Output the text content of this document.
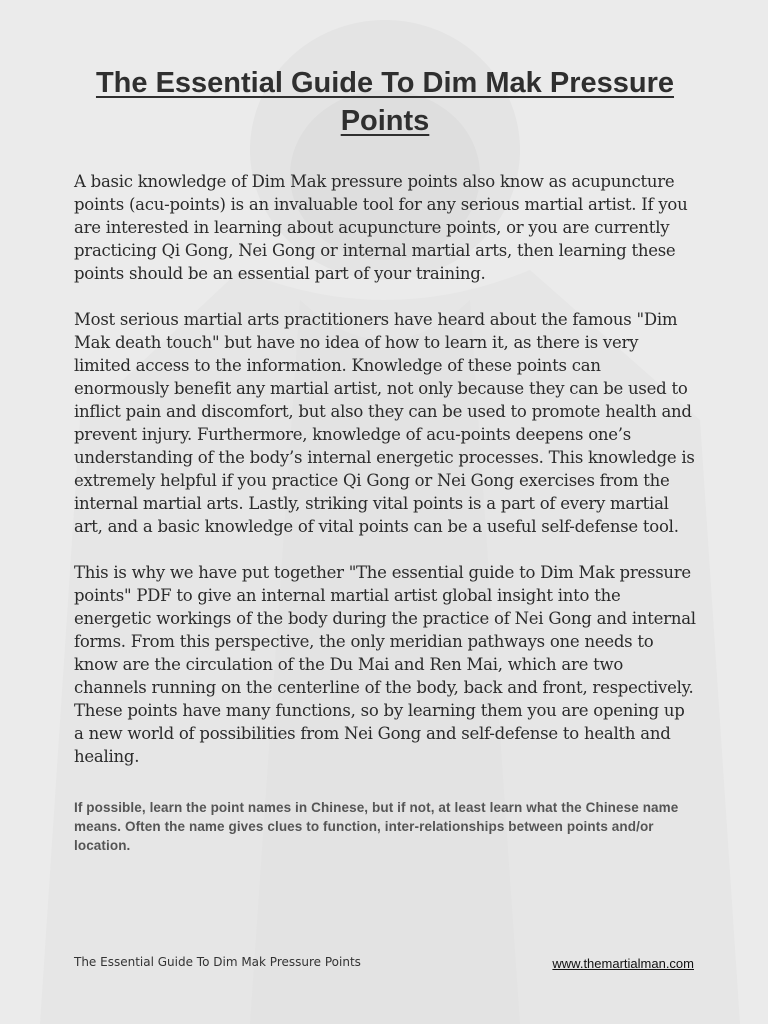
The Essential Guide To Dim Mak Pressure Points

A basic knowledge of Dim Mak pressure points also know as acupuncture points (acu-points) is an invaluable tool for any serious martial artist. If you are interested in learning about acupuncture points, or you are currently practicing Qi Gong, Nei Gong or internal martial arts, then learning these points should be an essential part of your training.

Most serious martial arts practitioners have heard about the famous "Dim Mak death touch" but have no idea of how to learn it, as there is very limited access to the information. Knowledge of these points can enormously benefit any martial artist, not only because they can be used to inflict pain and discomfort, but also they can be used to promote health and prevent injury. Furthermore, knowledge of acu-points deepens one’s understanding of the body’s internal energetic processes. This knowledge is extremely helpful if you practice Qi Gong or Nei Gong exercises from the internal martial arts. Lastly, striking vital points is a part of every martial art, and a basic knowledge of vital points can be a useful self-defense tool.

This is why we have put together "The essential guide to Dim Mak pressure points" PDF to give an internal martial artist global insight into the energetic workings of the body during the practice of Nei Gong and internal forms. From this perspective, the only meridian pathways one needs to know are the circulation of the Du Mai and Ren Mai, which are two channels running on the centerline of the body, back and front, respectively. These points have many functions, so by learning them you are opening up a new world of possibilities from Nei Gong and self-defense to health and healing.

If possible, learn the point names in Chinese, but if not, at least learn what the Chinese name means. Often the name gives clues to function, inter-relationships between points and/or location.

The Essential Guide To Dim Mak Pressure Points	www.themartialman.com
